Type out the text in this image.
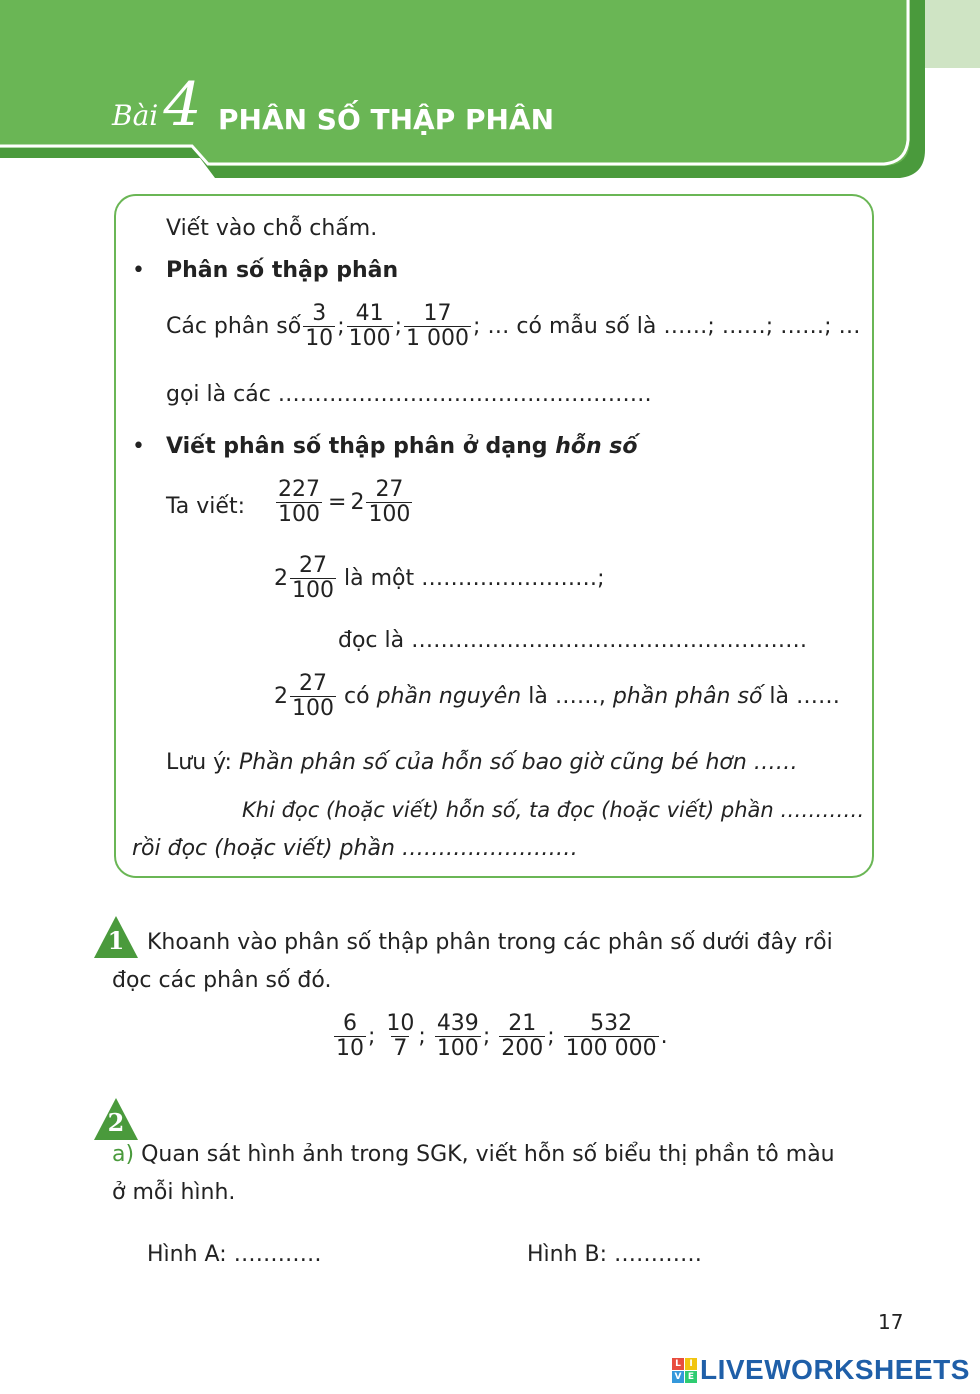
Bài 4 PHÂN SỐ THẬP PHÂN
Viết vào chỗ chấm.
• Phân số thập phân
Các phân số $\frac{3}{10}$ ; $\frac{41}{100}$ ; $\frac{17}{1 000}$ ; … có mẫu số là ……; ……; ……; …
gọi là các ……………………………………………
• Viết phân số thập phân ở dạng hỗn số
Ta viết: $\frac{227}{100} = 2 \frac{27}{100}$
$2 \frac{27}{100}$ là một ……………………;
đọc là ………………………………………………
$2 \frac{27}{100}$ có
phần nguyên
là ……,
phần phân số
là ……
Lưu ý: Phần phân số của hỗn số bao giờ cũng bé hơn ……
Khi đọc (hoặc viết) hỗn số, ta đọc (hoặc viết) phần …………
rồi đọc (hoặc viết) phần ……………………
1	Khoanh vào phân số thập phân trong các phân số dưới đây rồi
đọc các phân số đó.
$\frac{6}{10}$ ; $\frac{10}{7}$ ; $\frac{439}{100}$ ; $\frac{21}{200}$ ; $\frac{532}{100 000}$ .
2
a) Quan sát hình ảnh trong SGK, viết hỗn số biểu thị phần tô màu
ở mỗi hình.
Hình A: …………	Hình B: …………
17
L I
V E LIVEWORKSHEETS
